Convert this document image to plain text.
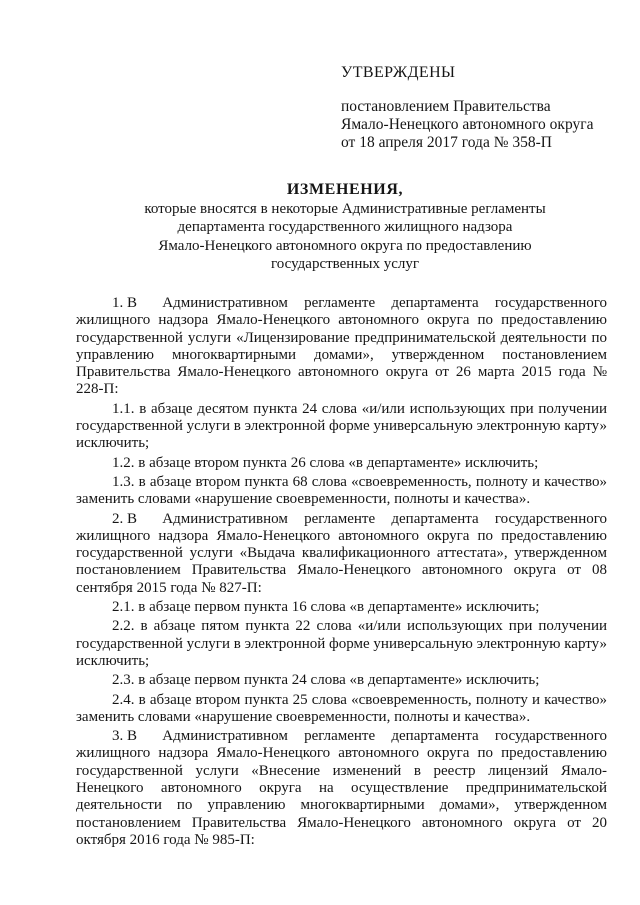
УТВЕРЖДЕНЫ
постановлением Правительства
Ямало-Ненецкого автономного округа
от 18 апреля 2017 года № 358-П
ИЗМЕНЕНИЯ,
которые вносятся в некоторые Административные регламенты
департамента государственного жилищного надзора
Ямало-Ненецкого автономного округа по предоставлению
государственных услуг

1. В Административном регламенте департамента государственного жилищного надзора Ямало-Ненецкого автономного округа по предоставлению государственной услуги «Лицензирование предпринимательской деятельности по управлению многоквартирными домами», утвержденном постановлением Правительства Ямало-Ненецкого автономного округа от 26 марта 2015 года № 228-П:

1.1. в абзаце десятом пункта 24 слова «и/или использующих при получении государственной услуги в электронной форме универсальную электронную карту» исключить;

1.2. в абзаце втором пункта 26 слова «в департаменте» исключить;

1.3. в абзаце втором пункта 68 слова «своевременность, полноту и качество» заменить словами «нарушение своевременности, полноты и качества».

2. В Административном регламенте департамента государственного жилищного надзора Ямало-Ненецкого автономного округа по предоставлению государственной услуги «Выдача квалификационного аттестата», утвержденном постановлением Правительства Ямало-Ненецкого автономного округа от 08 сентября 2015 года № 827-П:

2.1. в абзаце первом пункта 16 слова «в департаменте» исключить;

2.2. в абзаце пятом пункта 22 слова «и/или использующих при получении государственной услуги в электронной форме универсальную электронную карту» исключить;

2.3. в абзаце первом пункта 24 слова «в департаменте» исключить;

2.4. в абзаце втором пункта 25 слова «своевременность, полноту и качество» заменить словами «нарушение своевременности, полноты и качества».

3. В Административном регламенте департамента государственного жилищного надзора Ямало-Ненецкого автономного округа по предоставлению государственной услуги «Внесение изменений в реестр лицензий Ямало-Ненецкого автономного округа на осуществление предпринимательской деятельности по управлению многоквартирными домами», утвержденном постановлением Правительства Ямало-Ненецкого автономного округа от 20 октября 2016 года № 985-П:
